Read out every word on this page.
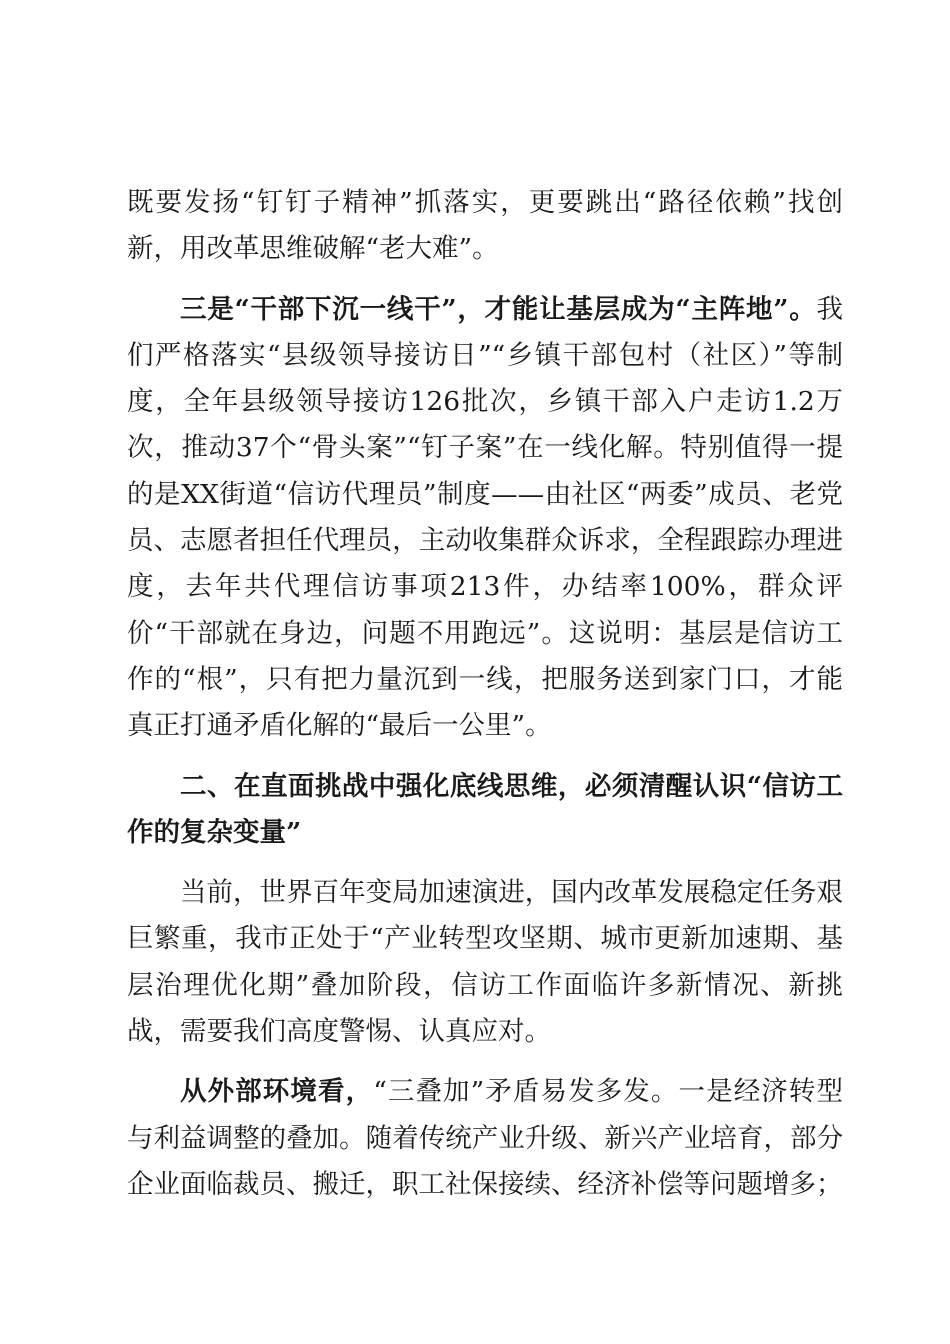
既要发扬“钉钉子精神”抓落实，更要跳出“路径依赖”找创新，用改革思维破解“老大难”。

三是“干部下沉一线干”，才能让基层成为“主阵地”。我们严格落实“县级领导接访日”“乡镇干部包村（社区）”等制度，全年县级领导接访126批次，乡镇干部入户走访1.2万次，推动37个“骨头案”“钉子案”在一线化解。特别值得一提的是XX街道“信访代理员”制度——由社区“两委”成员、老党员、志愿者担任代理员，主动收集群众诉求，全程跟踪办理进度，去年共代理信访事项213件，办结率100%，群众评价“干部就在身边，问题不用跑远”。这说明：基层是信访工作的“根”，只有把力量沉到一线，把服务送到家门口，才能真正打通矛盾化解的“最后一公里”。

二、在直面挑战中强化底线思维，必须清醒认识“信访工作的复杂变量”

当前，世界百年变局加速演进，国内改革发展稳定任务艰巨繁重，我市正处于“产业转型攻坚期、城市更新加速期、基层治理优化期”叠加阶段，信访工作面临许多新情况、新挑战，需要我们高度警惕、认真应对。

从外部环境看，“三叠加”矛盾易发多发。一是经济转型与利益调整的叠加。随着传统产业升级、新兴产业培育，部分企业面临裁员、搬迁，职工社保接续、经济补偿等问题增多；
